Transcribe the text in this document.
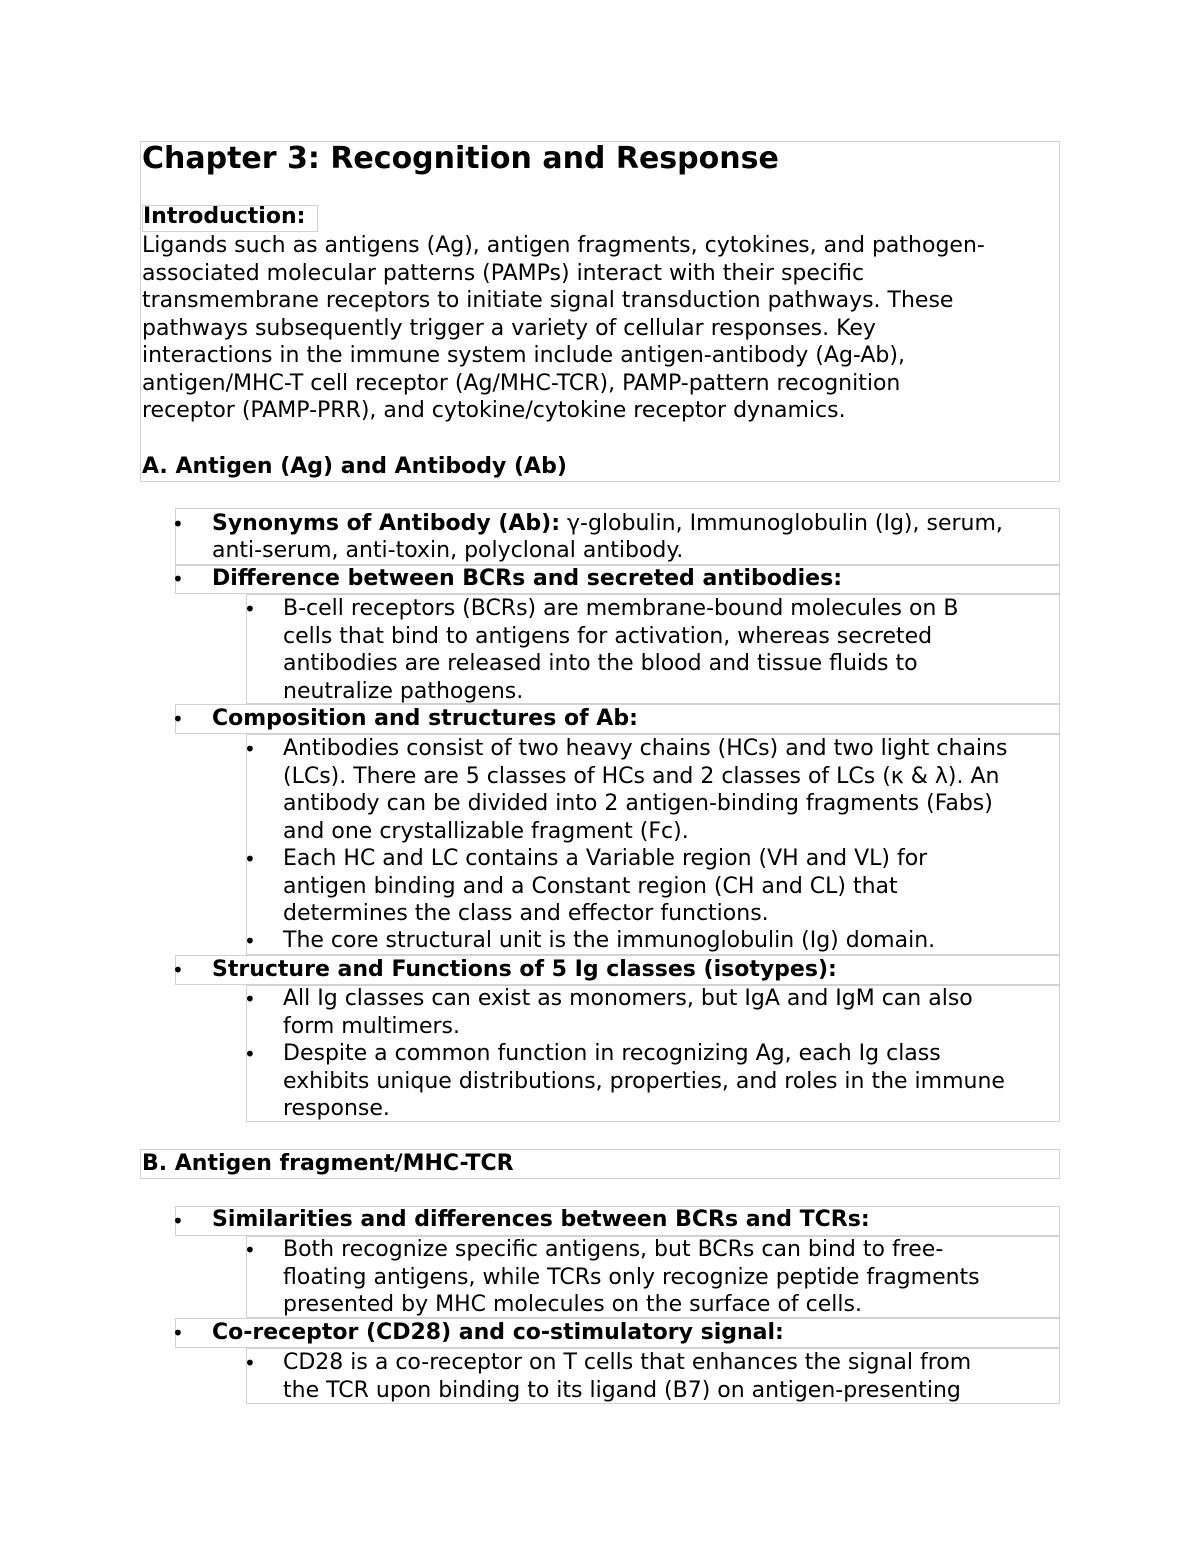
Chapter 3: Recognition and Response
Introduction:
Ligands such as antigens (Ag), antigen fragments, cytokines, and pathogen-
associated molecular patterns (PAMPs) interact with their specific
transmembrane receptors to initiate signal transduction pathways. These
pathways subsequently trigger a variety of cellular responses. Key
interactions in the immune system include antigen-antibody (Ag-Ab),
antigen/MHC-T cell receptor (Ag/MHC-TCR), PAMP-pattern recognition
receptor (PAMP-PRR), and cytokine/cytokine receptor dynamics.
A. Antigen (Ag) and Antibody (Ab)
• Synonyms of Antibody (Ab): γ-globulin, Immunoglobulin (Ig), serum,
anti-serum, anti-toxin, polyclonal antibody.
• Difference between BCRs and secreted antibodies:
• B-cell receptors (BCRs) are membrane-bound molecules on B
cells that bind to antigens for activation, whereas secreted
antibodies are released into the blood and tissue fluids to
neutralize pathogens.
• Composition and structures of Ab:
• Antibodies consist of two heavy chains (HCs) and two light chains
(LCs). There are 5 classes of HCs and 2 classes of LCs (κ & λ). An
antibody can be divided into 2 antigen-binding fragments (Fabs)
and one crystallizable fragment (Fc).
• Each HC and LC contains a Variable region (VH and VL) for
antigen binding and a Constant region (CH and CL) that
determines the class and effector functions.
• The core structural unit is the immunoglobulin (Ig) domain.
• Structure and Functions of 5 Ig classes (isotypes):
• All Ig classes can exist as monomers, but IgA and IgM can also
form multimers.
• Despite a common function in recognizing Ag, each Ig class
exhibits unique distributions, properties, and roles in the immune
response.
B. Antigen fragment/MHC-TCR
• Similarities and differences between BCRs and TCRs:
• Both recognize specific antigens, but BCRs can bind to free-
floating antigens, while TCRs only recognize peptide fragments
presented by MHC molecules on the surface of cells.
• Co-receptor (CD28) and co-stimulatory signal:
• CD28 is a co-receptor on T cells that enhances the signal from
the TCR upon binding to its ligand (B7) on antigen-presenting
